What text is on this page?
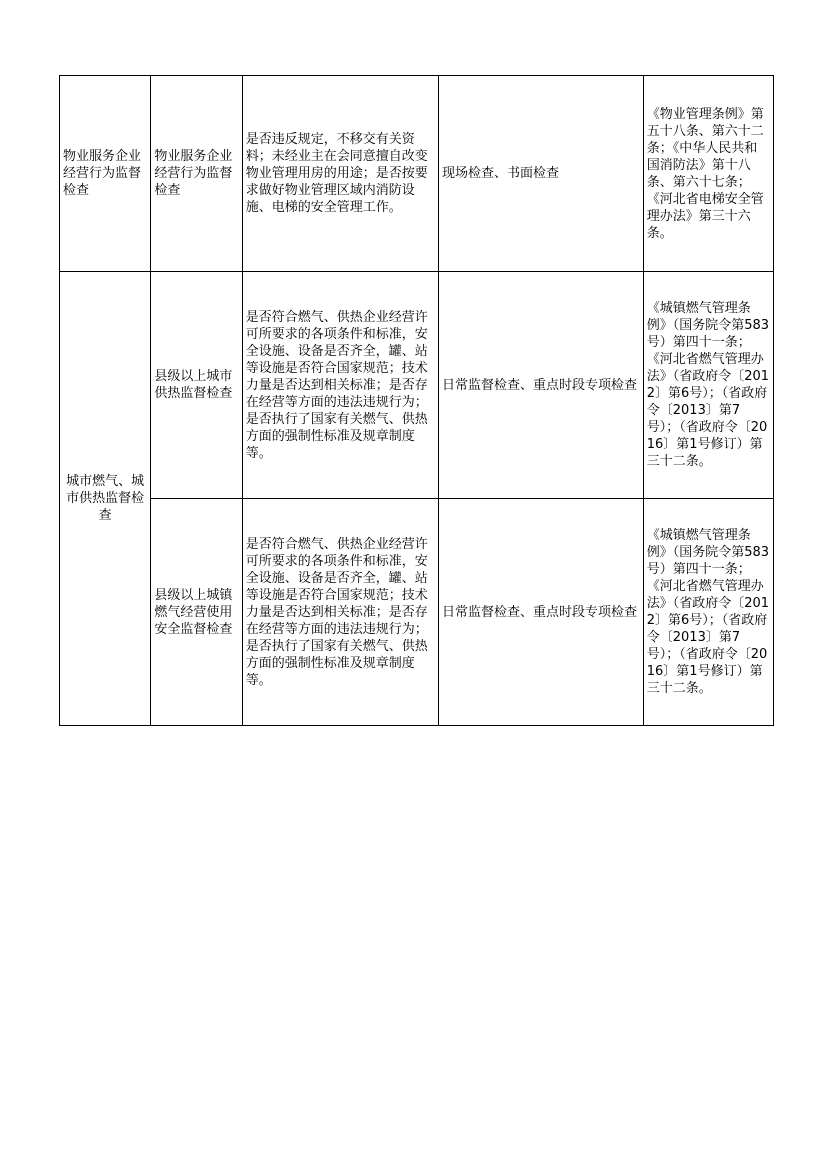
物业服务企业经营行为监督检查	物业服务企业经营行为监督检查	是否违反规定，不移交有关资料；未经业主在会同意擅自改变物业管理用房的用途；是否按要求做好物业管理区域内消防设施、电梯的安全管理工作。	现场检查、书面检查	《物业管理条例》第五十八条、第六十二条；《中华人民共和国消防法》第十八条、第六十七条；《河北省电梯安全管理办法》第三十六条。
城市燃气、城市供热监督检查	县级以上城市供热监督检查	是否符合燃气、供热企业经营许可所要求的各项条件和标准，安全设施、设备是否齐全，罐、站等设施是否符合国家规范；技术力量是否达到相关标准；是否存在经营等方面的违法违规行为；是否执行了国家有关燃气、供热方面的强制性标准及规章制度等。	日常监督检查、重点时段专项检查	《城镇燃气管理条例》（国务院令第583号）第四十一条；《河北省燃气管理办法》（省政府令〔2012〕第6号）；（省政府令〔2013〕第7号）；（省政府令〔2016〕第1号修订）第三十二条。
	县级以上城镇燃气经营使用安全监督检查	是否符合燃气、供热企业经营许可所要求的各项条件和标准，安全设施、设备是否齐全，罐、站等设施是否符合国家规范；技术力量是否达到相关标准；是否存在经营等方面的违法违规行为；是否执行了国家有关燃气、供热方面的强制性标准及规章制度等。	日常监督检查、重点时段专项检查	《城镇燃气管理条例》（国务院令第583号）第四十一条；《河北省燃气管理办法》（省政府令〔2012〕第6号）；（省政府令〔2013〕第7号）；（省政府令〔2016〕第1号修订）第三十二条。
